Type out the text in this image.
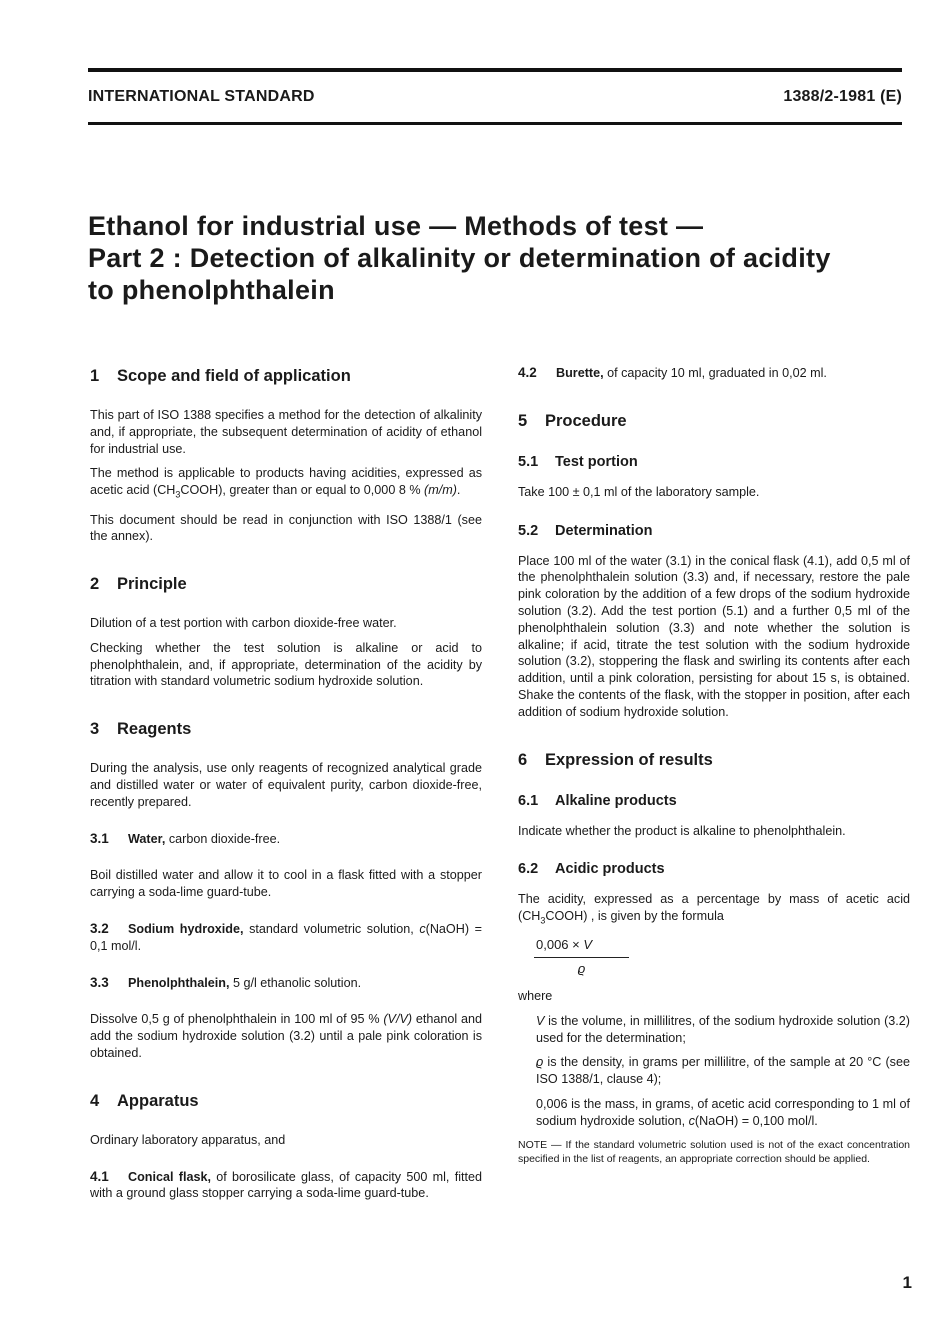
INTERNATIONAL STANDARD	1388/2-1981 (E)
Ethanol for industrial use — Methods of test —
Part 2 : Detection of alkalinity or determination of acidity
to phenolphthalein
1 Scope and field of application

This part of ISO 1388 specifies a method for the detection of alkalinity and, if appropriate, the subsequent determination of acidity of ethanol for industrial use.

The method is applicable to products having acidities, expressed as acetic acid $(CH_3COOH)$, greater than or equal to 0,000 8 % (m/m).

This document should be read in conjunction with ISO 1388/1 (see the annex).

2 Principle

Dilution of a test portion with carbon dioxide-free water.

Checking whether the test solution is alkaline or acid to phenolphthalein, and, if appropriate, determination of the acidity by titration with standard volumetric sodium hydroxide solution.

3 Reagents

During the analysis, use only reagents of recognized analytical grade and distilled water or water of equivalent purity, carbon dioxide-free, recently prepared.

3.1 Water, carbon dioxide-free.

Boil distilled water and allow it to cool in a flask fitted with a stopper carrying a soda-lime guard-tube.

3.2 Sodium hydroxide, standard volumetric solution, c(NaOH) = 0,1 mol/l.
3.3 Phenolphthalein, 5 g/l ethanolic solution.

Dissolve 0,5 g of phenolphthalein in 100 ml of 95 % (V/V) ethanol and add the sodium hydroxide solution (3.2) until a pale pink coloration is obtained.

4 Apparatus

Ordinary laboratory apparatus, and

4.1 Conical flask, of borosilicate glass, of capacity 500 ml, fitted with a ground glass stopper carrying a soda-lime guard-tube.
4.2 Burette, of capacity 10 ml, graduated in 0,02 ml.
5 Procedure
5.1 Test portion

Take 100 ± 0,1 ml of the laboratory sample.

5.2 Determination

Place 100 ml of the water (3.1) in the conical flask (4.1), add 0,5 ml of the phenolphthalein solution (3.3) and, if necessary, restore the pale pink coloration by the addition of a few drops of the sodium hydroxide solution (3.2). Add the test portion (5.1) and a further 0,5 ml of the phenolphthalein solution (3.3) and note whether the solution is alkaline; if acid, titrate the test solution with the sodium hydroxide solution (3.2), stoppering the flask and swirling its contents after each addition, until a pink coloration, persisting for about 15 s, is obtained. Shake the contents of the flask, with the stopper in position, after each addition of sodium hydroxide solution.

6 Expression of results
6.1 Alkaline products

Indicate whether the product is alkaline to phenolphthalein.

6.2 Acidic products

The acidity, expressed as a percentage by mass of acetic acid $(CH_3COOH)$ , is given by the formula

0,006 × V
ϱ

where

V is the volume, in millilitres, of the sodium hydroxide solution (3.2) used for the determination;
ϱ is the density, in grams per millilitre, of the sample at 20 °C (see ISO 1388/1, clause 4);
0,006 is the mass, in grams, of acetic acid corresponding to 1 ml of sodium hydroxide solution, c(NaOH) = 0,100 mol/l.
NOTE — If the standard volumetric solution used is not of the exact concentration specified in the list of reagents, an appropriate correction should be applied.
1
